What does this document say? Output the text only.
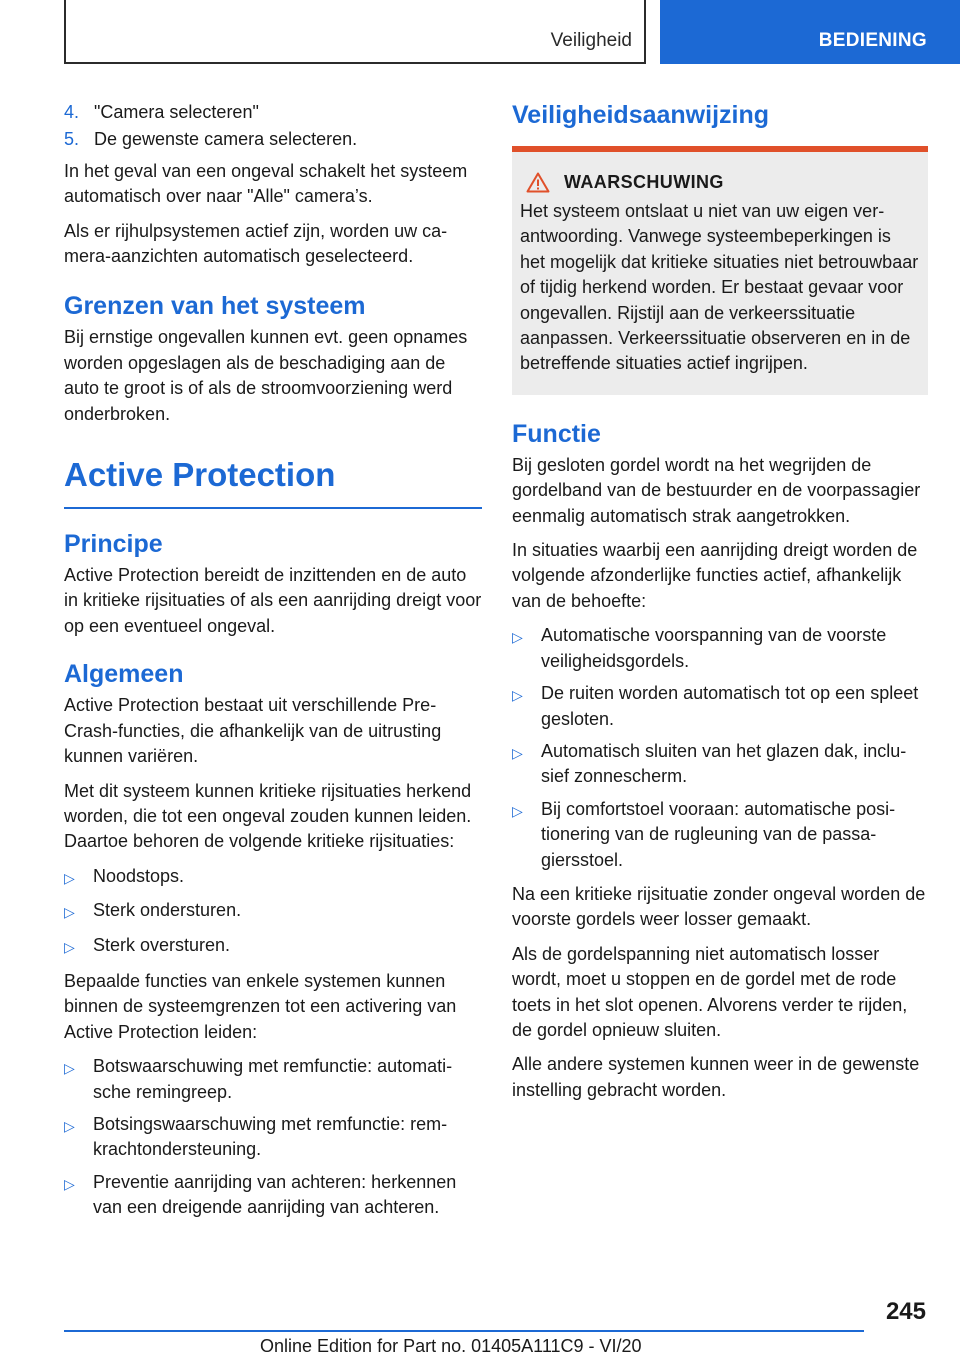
Veiligheid	BEDIENING
4. "Camera selecteren"
5. De gewenste camera selecteren.

In het geval van een ongeval schakelt het systeem automatisch over naar "Alle" camera’s.

Als er rijhulpsystemen actief zijn, worden uw camera-aanzichten automatisch geselecteerd.

Grenzen van het systeem

Bij ernstige ongevallen kunnen evt. geen opnames worden opgeslagen als de beschadiging aan de auto te groot is of als de stroomvoorziening werd onderbroken.

Active Protection
Principe

Active Protection bereidt de inzittenden en de auto in kritieke rijsituaties of als een aanrijding dreigt voor op een eventueel ongeval.

Algemeen

Active Protection bestaat uit verschillende Pre-Crash-functies, die afhankelijk van de uitrusting kunnen variëren.

Met dit systeem kunnen kritieke rijsituaties herkend worden, die tot een ongeval zouden kunnen leiden. Daartoe behoren de volgende kritieke rijsituaties:

▷	Noodstops.
▷	Sterk ondersturen.
▷	Sterk oversturen.

Bepaalde functies van enkele systemen kunnen binnen de systeemgrenzen tot een activering van Active Protection leiden:

▷	Botswaarschuwing met remfunctie: automatische remingreep.
▷	Botsingswaarschuwing met remfunctie: remkrachtondersteuning.
▷	Preventie aanrijding van achteren: herkennen van een dreigende aanrijding van achteren.
Veiligheidsaanwijzing
WAARSCHUWING

Het systeem ontslaat u niet van uw eigen verantwoording. Vanwege systeembeperkingen is het mogelijk dat kritieke situaties niet betrouwbaar of tijdig herkend worden. Er bestaat gevaar voor ongevallen. Rijstijl aan de verkeerssituatie aanpassen. Verkeerssituatie observeren en in de betreffende situaties actief ingrijpen.

Functie

Bij gesloten gordel wordt na het wegrijden de gordelband van de bestuurder en de voorpassagier eenmalig automatisch strak aangetrokken.

In situaties waarbij een aanrijding dreigt worden de volgende afzonderlijke functies actief, afhankelijk van de behoefte:

▷	Automatische voorspanning van de voorste veiligheidsgordels.
▷	De ruiten worden automatisch tot op een spleet gesloten.
▷	Automatisch sluiten van het glazen dak, inclusief zonnescherm.
▷	Bij comfortstoel vooraan: automatische positionering van de rugleuning van de passagiersstoel.

Na een kritieke rijsituatie zonder ongeval worden de voorste gordels weer losser gemaakt.

Als de gordelspanning niet automatisch losser wordt, moet u stoppen en de gordel met de rode toets in het slot openen. Alvorens verder te rijden, de gordel opnieuw sluiten.

Alle andere systemen kunnen weer in de gewenste instelling gebracht worden.

245
Online Edition for Part no. 01405A111C9 - VI/20
